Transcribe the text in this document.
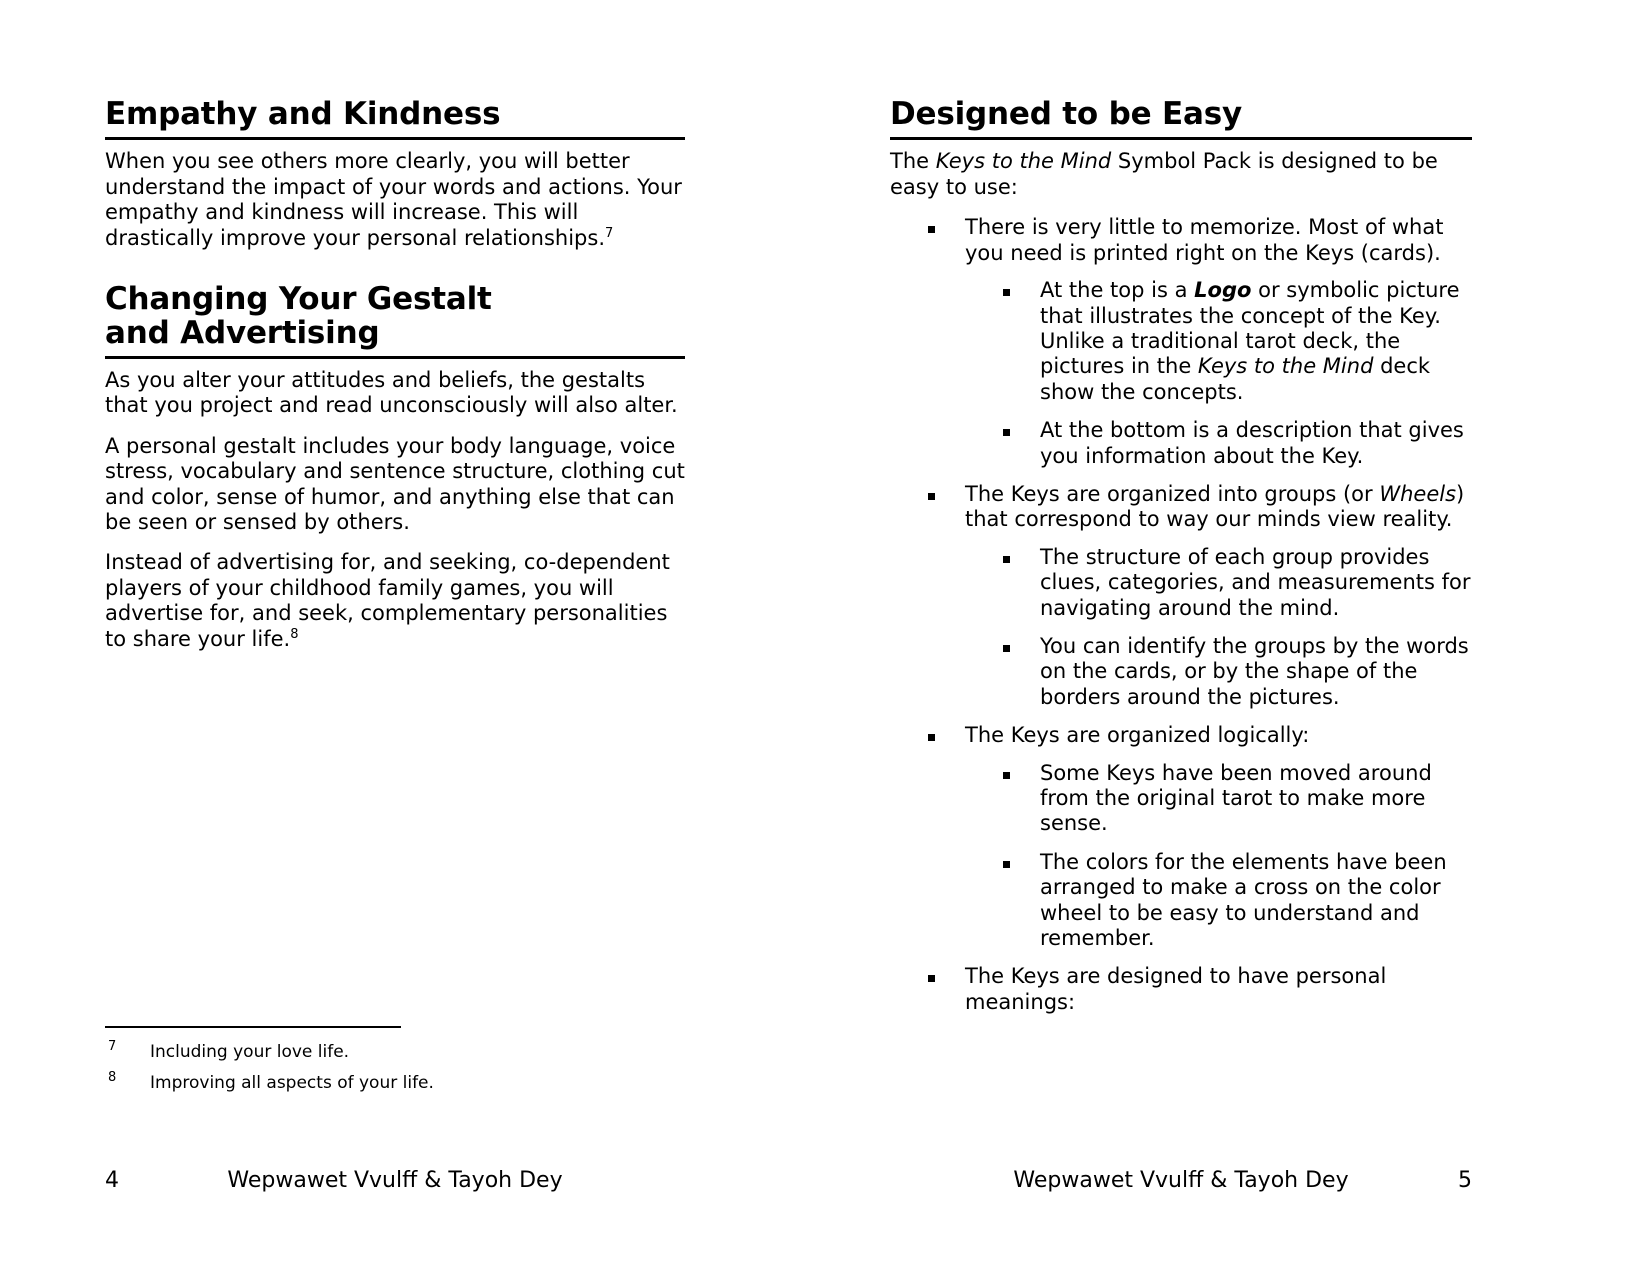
Empathy and Kindness

When you see others more clearly, you will better understand the impact of your words and actions. Your empathy and kindness will increase. This will drastically improve your personal relationships.$^7$

Changing Your Gestalt
and Advertising

As you alter your attitudes and beliefs, the gestalts that you project and read unconsciously will also alter.

A personal gestalt includes your body language, voice stress, vocabulary and sentence structure, clothing cut and color, sense of humor, and anything else that can be seen or sensed by others.

Instead of advertising for, and seeking, co-dependent players of your childhood family games, you will advertise for, and seek, complementary personalities to share your life.$^8$

7 Including your love life.
8 Improving all aspects of your life.
4	Wepwawet Vvulff & Tayoh Dey
Designed to be Easy

The Keys to the Mind Symbol Pack is designed to be easy to use:

There is very little to memorize. Most of what you need is printed right on the Keys (cards).
At the top is a Logo or symbolic picture that illustrates the concept of the Key. Unlike a traditional tarot deck, the pictures in the Keys to the Mind deck show the concepts.
At the bottom is a description that gives you information about the Key.
The Keys are organized into groups (or Wheels) that correspond to way our minds view reality.
The structure of each group provides clues, categories, and measurements for navigating around the mind.
You can identify the groups by the words on the cards, or by the shape of the borders around the pictures.
The Keys are organized logically:
Some Keys have been moved around from the original tarot to make more sense.
The colors for the elements have been arranged to make a cross on the color wheel to be easy to understand and remember.
The Keys are designed to have personal meanings:
5
Wepwawet Vvulff & Tayoh Dey
